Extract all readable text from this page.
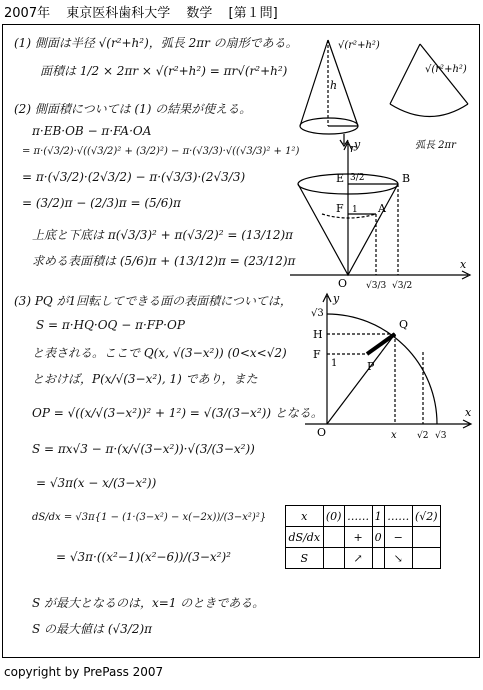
2007年 東京医科歯科大学 数学 [第１問]
(1) 側面は半径 √(r²+h²)，弧長 2πr の扇形である。
面積は 1/2 × 2πr × √(r²+h²) = πr√(r²+h²)
(2) 側面積については (1) の結果が使える。
π·EB·OB − π·FA·OA
= π·(√3/2)·√((√3/2)² + (3/2)²) − π·(√3/3)·√((√3/3)² + 1²)
= π·(√3/2)·(2√3/2) − π·(√3/3)·(2√3/3)
= (3/2)π − (2/3)π = (5/6)π
上底と下底は π(√3/3)² + π(√3/2)² = (13/12)π
求める表面積は (5/6)π + (13/12)π = (23/12)π
(3) PQ が1回転してできる面の表面積については，
S = π·HQ·OQ − π·FP·OP
と表される。ここで Q(x, √(3−x²)) (0<x<√2)
とおけば，P(x/√(3−x²), 1) であり，また
OP = √((x/√(3−x²))² + 1²) = √(3/(3−x²)) となる。
S = πx√3 − π·(x/√(3−x²))·√(3/(3−x²))
= √3π(x − x/(3−x²))
dS/dx = √3π{1 − (1·(3−x²) − x(−2x))/(3−x²)²}
= √3π·((x²−1)(x²−6))/(3−x²)²
S が最大となるのは，x=1 のときである。
S の最大値は (√3/2)π
h
√(r²+h²)
r
√(r²+h²)
弧長 2πr
y
E	B
F	A
O
x
√3/3 √3/2
3/2
1
√3
y
H
F
1
Q
P
O
x
x √2 √3
x	(0)	……	1	……	(√2)
dS/dx		+	0	−	
S		↗		↘	
copyright by PrePass 2007
